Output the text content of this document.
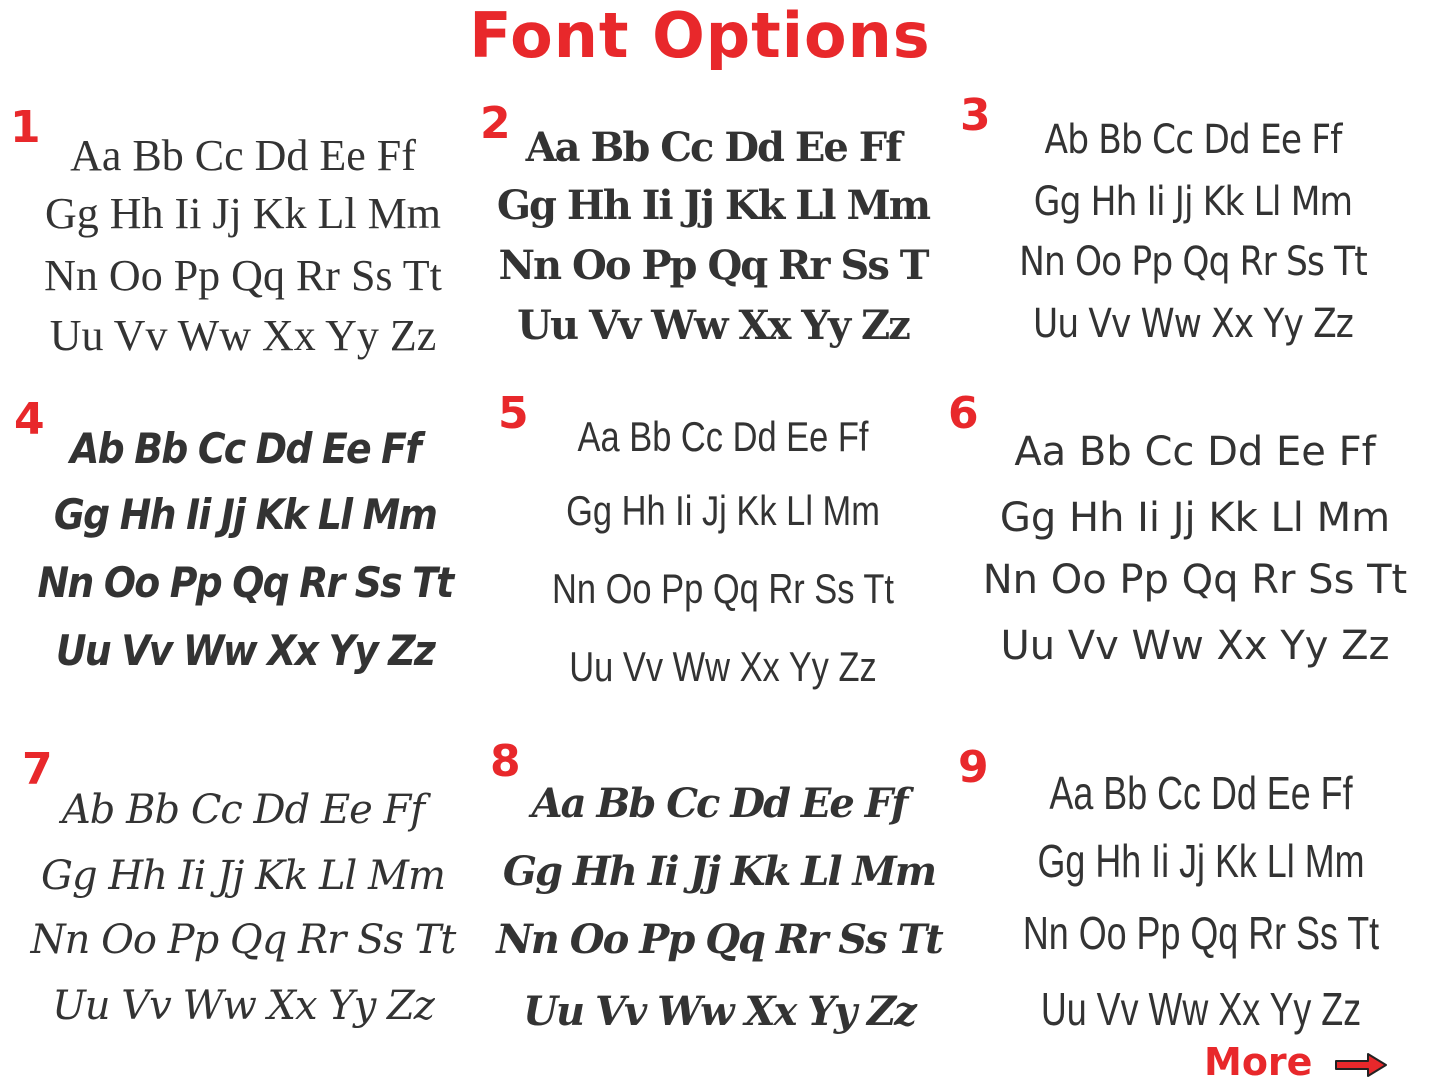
Font Options
1
Aa Bb Cc Dd Ee Ff
Gg Hh Ii Jj Kk Ll Mm
Nn Oo Pp Qq Rr Ss Tt
Uu Vv Ww Xx Yy Zz
2 Aa Bb Cc Dd Ee Ff
Gg Hh Ii Jj Kk Ll Mm
Nn Oo Pp Qq Rr Ss T
Uu Vv Ww Xx Yy Zz
3	Ab Bb Cc Dd Ee Ff
Gg Hh Ii Jj Kk Ll Mm
Nn Oo Pp Qq Rr Ss Tt
Uu Vv Ww Xx Yy Zz
4
Ab Bb Cc Dd Ee Ff
Gg Hh Ii Jj Kk Ll Mm
Nn Oo Pp Qq Rr Ss Tt
Uu Vv Ww Xx Yy Zz
5	Aa Bb Cc Dd Ee Ff
Gg Hh Ii Jj Kk Ll Mm
Nn Oo Pp Qq Rr Ss Tt
Uu Vv Ww Xx Yy Zz
6
Aa Bb Cc Dd Ee Ff
Gg Hh Ii Jj Kk Ll Mm
Nn Oo Pp Qq Rr Ss Tt
Uu Vv Ww Xx Yy Zz
7
Ab Bb Cc Dd Ee Ff
Gg Hh Ii Jj Kk Ll Mm
Nn Oo Pp Qq Rr Ss Tt
Uu Vv Ww Xx Yy Zz
8
Aa Bb Cc Dd Ee Ff
Gg Hh Ii Jj Kk Ll Mm
Nn Oo Pp Qq Rr Ss Tt
Uu Vv Ww Xx Yy Zz
9	Aa Bb Cc Dd Ee Ff
Gg Hh Ii Jj Kk Ll Mm
Nn Oo Pp Qq Rr Ss Tt
Uu Vv Ww Xx Yy Zz
More
